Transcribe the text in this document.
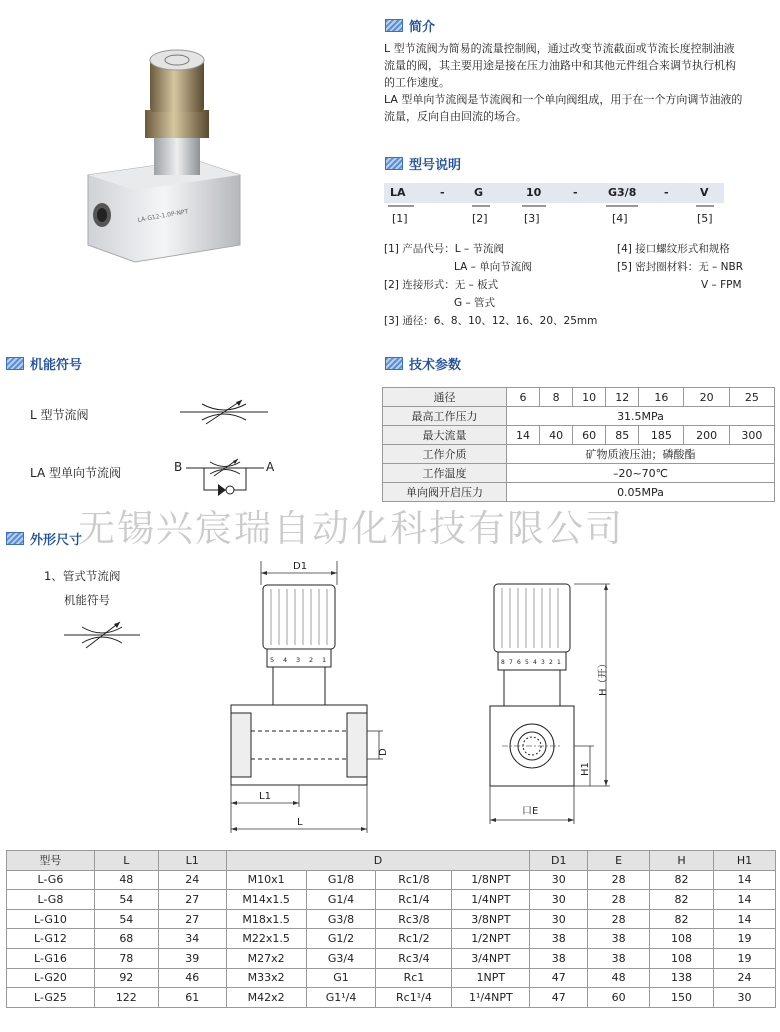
LA-G12-1.0P-NPT
简介
L 型节流阀为简易的流量控制阀，通过改变节流截面或节流长度控制油液
流量的阀，其主要用途是接在压力油路中和其他元件组合来调节执行机构
的工作速度。
LA 型单向节流阀是节流阀和一个单向阀组成，用于在一个方向调节油液的
流量，反向自由回流的场合。
型号说明
LA	-	G	10	-	G3/8	-	V
[1]	[2]	[3]	[4]	[5]
[1] 产品代号：L – 节流阀
LA – 单向节流阀
[2] 连接形式：无 – 板式
G – 管式
[3] 通径：6、8、10、12、16、20、25mm
[4] 接口螺纹形式和规格
[5] 密封圈材料：无 – NBR
V – FPM
机能符号
L 型节流阀
LA 型单向节流阀	B	A
技术参数
通径	6	8	10	12	16	20	25
最高工作压力	31.5MPa						
最大流量	14	40	60	85	185	200	300
工作介质	矿物质液压油；磷酸酯						
工作温度	–20~70℃						
单向阀开启压力	0.05MPa						
无锡兴宸瑞自动化科技有限公司
外形尺寸
1、管式节流阀
机能符号
D1
5 4 3 2 1
D
L1
L
8 7 6 5 4 3 2 1	H（开）
H1
口E
型号	L	L1	D				D1	E	H	H1
L-G6	48	24	M10x1	G1/8	Rc1/8	1/8NPT	30	28	82	14
L-G8	54	27	M14x1.5	G1/4	Rc1/4	1/4NPT	30	28	82	14
L-G10	54	27	M18x1.5	G3/8	Rc3/8	3/8NPT	30	28	82	14
L-G12	68	34	M22x1.5	G1/2	Rc1/2	1/2NPT	38	38	108	19
L-G16	78	39	M27x2	G3/4	Rc3/4	3/4NPT	38	38	108	19
L-G20	92	46	M33x2	G1	Rc1	1NPT	47	48	138	24
L-G25	122	61	M42x2	G1¹/4	Rc1¹/4	1¹/4NPT	47	60	150	30
